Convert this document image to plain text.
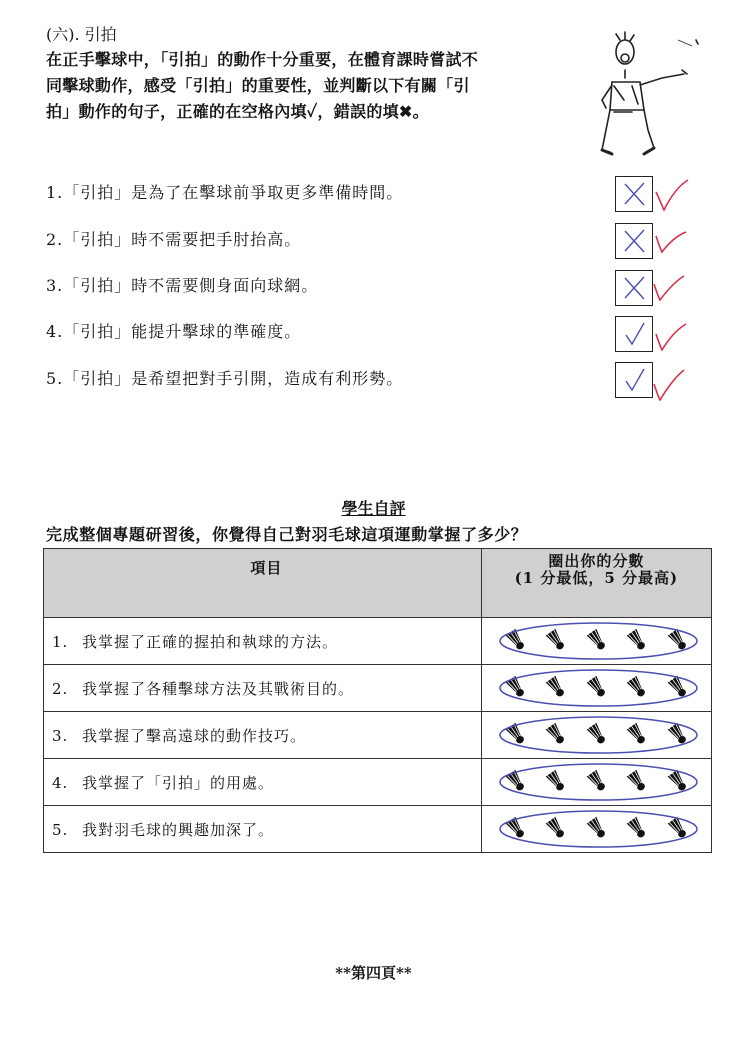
(六). 引拍
在正手擊球中，「引拍」的動作十分重要，在體育課時嘗試不
同擊球動作，感受「引拍」的重要性，並判斷以下有關「引
拍」動作的句子，正確的在空格內填✓，錯誤的填✖。
1.「引拍」是為了在擊球前爭取更多準備時間。
2.「引拍」時不需要把手肘抬高。
3.「引拍」時不需要側身面向球網。
4.「引拍」能提升擊球的準確度。
5.「引拍」是希望把對手引開，造成有利形勢。
學生自評
完成整個專題研習後，你覺得自己對羽毛球這項運動掌握了多少？
項目	圈出你的分數
(1 分最低，5 分最高)

1. 我掌握了正確的握拍和執球的方法。	

2. 我掌握了各種擊球方法及其戰術目的。	

3. 我掌握了擊高遠球的動作技巧。	

4. 我掌握了「引拍」的用處。	

5. 我對羽毛球的興趣加深了。	
**第四頁**
